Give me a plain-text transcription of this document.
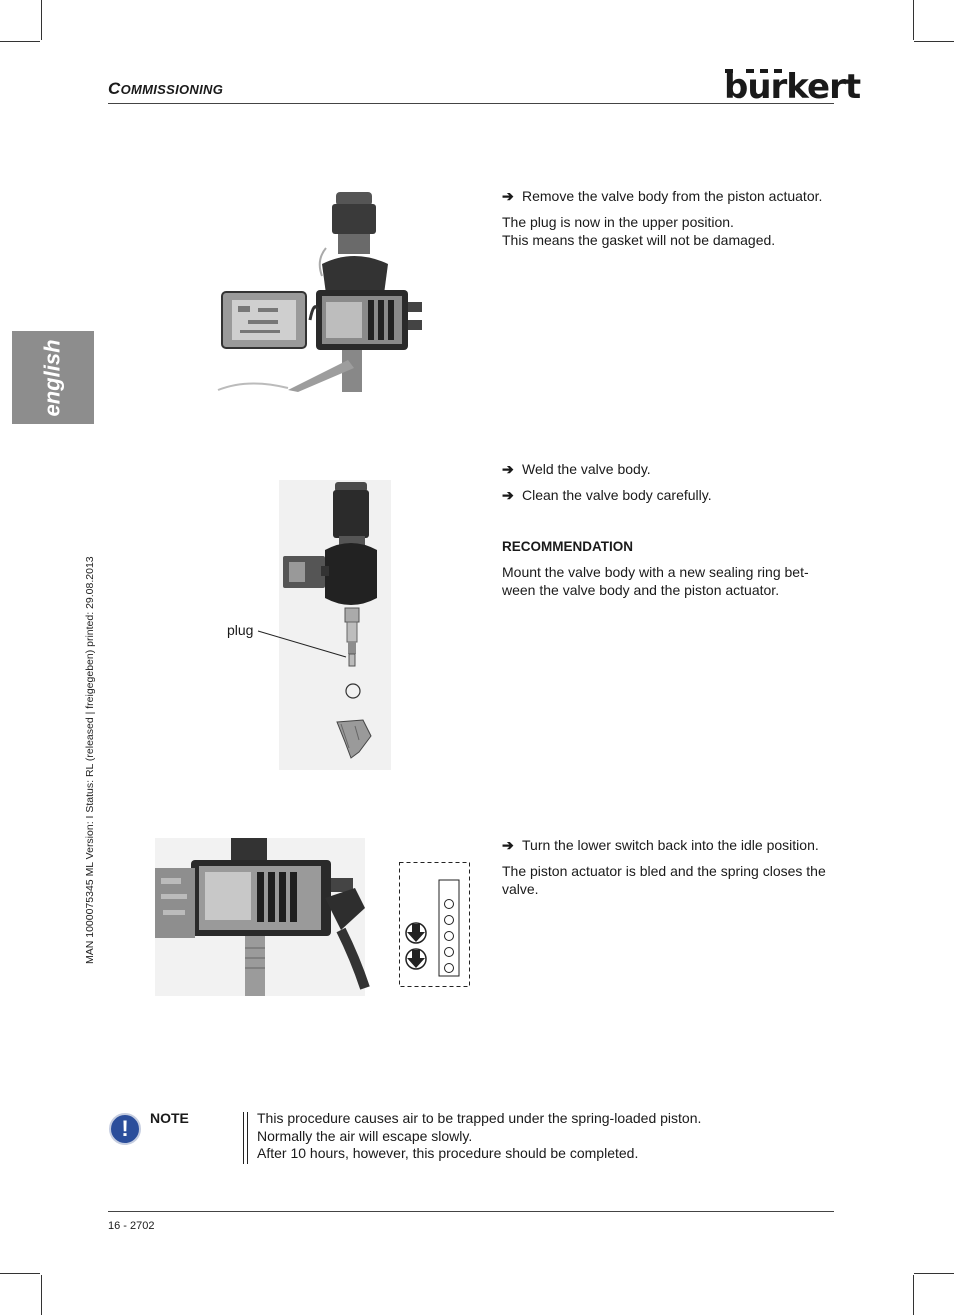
COMMISSIONING	burkert
english
MAN 1000075345 ML Version: I Status: RL (released | freigegeben) printed: 29.08.2013
➔ Remove the valve body from the piston actuator.
The plug is now in the upper position.
This means the gasket will not be damaged.
plug
➔ Weld the valve body.
➔ Clean the valve body carefully.
RECOMMENDATION
Mount the valve body with a new sealing ring bet-ween the valve body and the piston actuator.
➔ Turn the lower switch back into the idle position.
The piston actuator is bled and the spring closes the valve.
!	NOTE	This procedure causes air to be trapped under the spring-loaded piston.
Normally the air will escape slowly.
After 10 hours, however, this procedure should be completed.
16 - 2702
